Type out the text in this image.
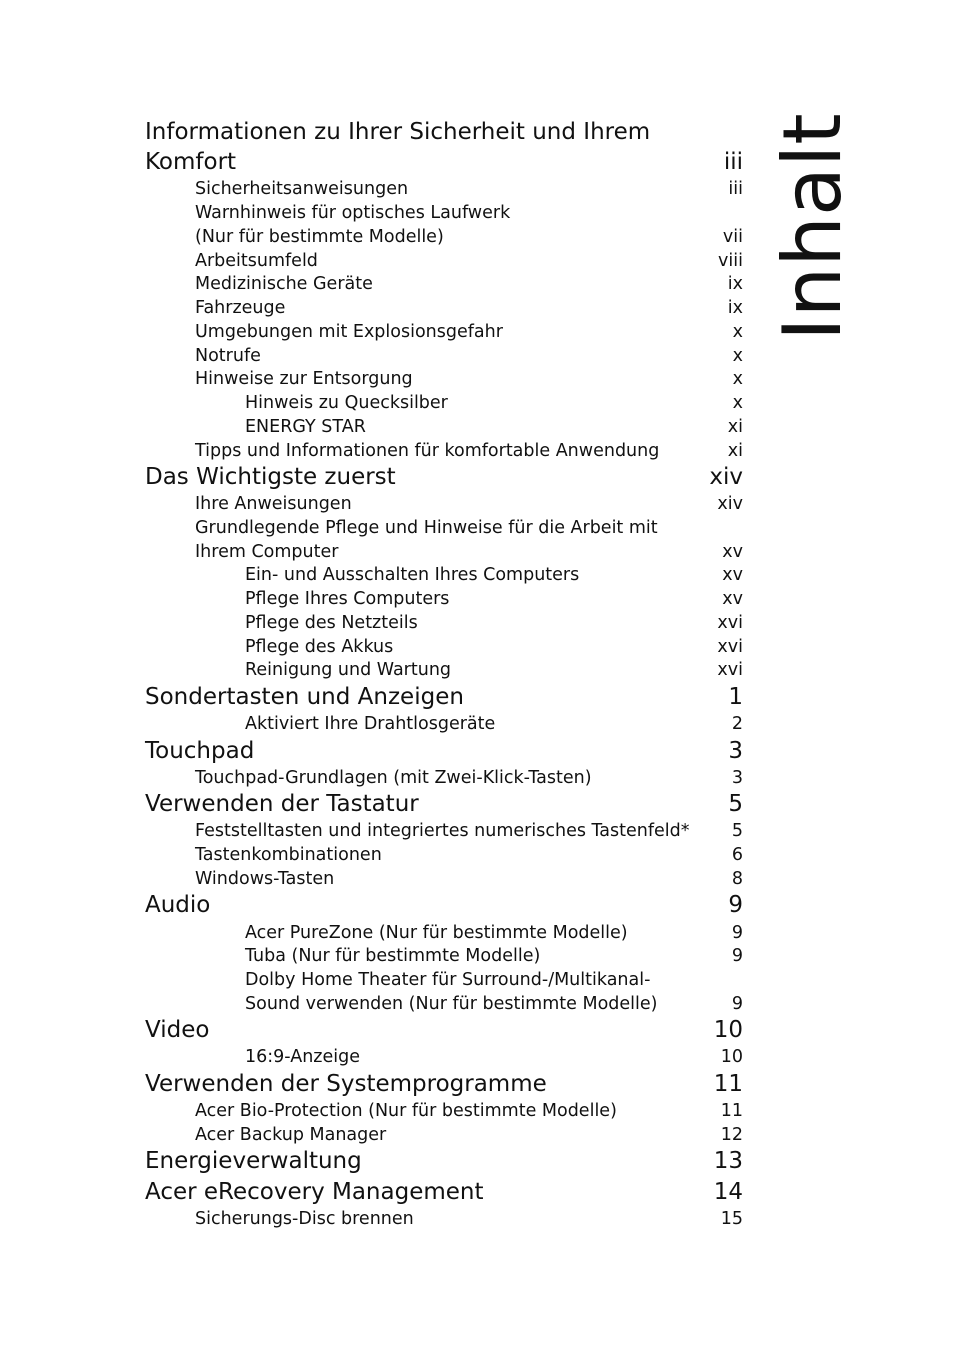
Inhalt
Informationen zu Ihrer Sicherheit und Ihrem
Komfort	iii
Sicherheitsanweisungen	iii
Warnhinweis für optisches Laufwerk
(Nur für bestimmte Modelle)	vii
Arbeitsumfeld	viii
Medizinische Geräte	ix
Fahrzeuge	ix
Umgebungen mit Explosionsgefahr	x
Notrufe	x
Hinweise zur Entsorgung	x
Hinweis zu Quecksilber	x
ENERGY STAR	xi
Tipps und Informationen für komfortable Anwendung	xi
Das Wichtigste zuerst	xiv
Ihre Anweisungen	xiv
Grundlegende Pflege und Hinweise für die Arbeit mit
Ihrem Computer	xv
Ein- und Ausschalten Ihres Computers	xv
Pflege Ihres Computers	xv
Pflege des Netzteils	xvi
Pflege des Akkus	xvi
Reinigung und Wartung	xvi
Sondertasten und Anzeigen	1
Aktiviert Ihre Drahtlosgeräte	2
Touchpad	3
Touchpad-Grundlagen (mit Zwei-Klick-Tasten)	3
Verwenden der Tastatur	5
Feststelltasten und integriertes numerisches Tastenfeld* 5
Tastenkombinationen	6
Windows-Tasten	8
Audio	9
Acer PureZone (Nur für bestimmte Modelle)	9
Tuba (Nur für bestimmte Modelle)	9
Dolby Home Theater für Surround-/Multikanal-
Sound verwenden (Nur für bestimmte Modelle)	9
Video	10
16:9-Anzeige	10
Verwenden der Systemprogramme	11
Acer Bio-Protection (Nur für bestimmte Modelle)	11
Acer Backup Manager	12
Energieverwaltung	13
Acer eRecovery Management	14
Sicherungs-Disc brennen	15
